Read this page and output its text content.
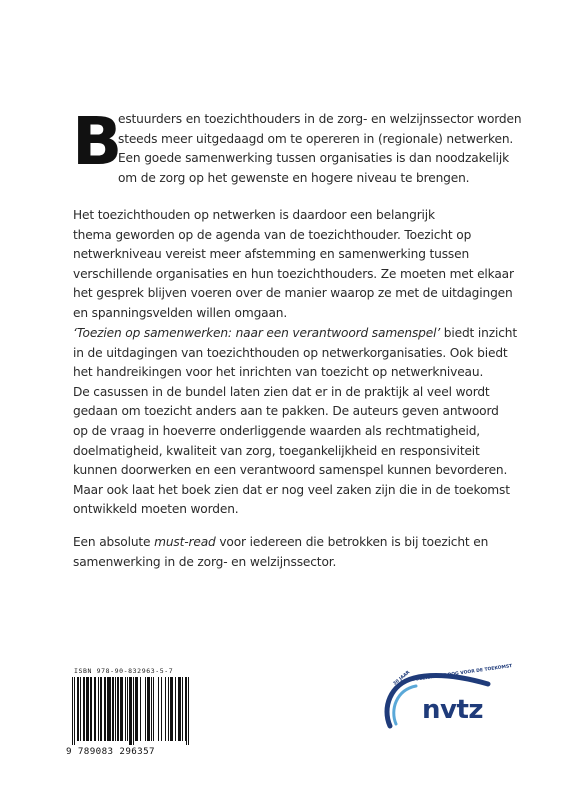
B
estuurders en toezichthouders in de zorg- en welzijnssector worden
steeds meer uitgedaagd om te opereren in (regionale) netwerken.
Een goede samenwerking tussen organisaties is dan noodzakelijk
om de zorg op het gewenste en hogere niveau te brengen.
Het toezichthouden op netwerken is daardoor een belangrijk
thema geworden op de agenda van de toezichthouder. Toezicht op
netwerkniveau vereist meer afstemming en samenwerking tussen
verschillende organisaties en hun toezichthouders. Ze moeten met elkaar
het gesprek blijven voeren over de manier waarop ze met de uitdagingen
en spanningsvelden willen omgaan.
‘Toezien op samenwerken: naar een verantwoord samenspel’ biedt inzicht
in de uitdagingen van toezichthouden op netwerkorganisaties. Ook biedt
het handreikingen voor het inrichten van toezicht op netwerkniveau.
De casussen in de bundel laten zien dat er in de praktijk al veel wordt
gedaan om toezicht anders aan te pakken. De auteurs geven antwoord
op de vraag in hoeverre onderliggende waarden als rechtmatigheid,
doelmatigheid, kwaliteit van zorg, toegankelijkheid en responsiviteit
kunnen doorwerken en een verantwoord samenspel kunnen bevorderen.
Maar ook laat het boek zien dat er nog veel zaken zijn die in de toekomst
ontwikkeld moeten worden.
Een absolute must-read voor iedereen die betrokken is bij toezicht en
samenwerking in de zorg- en welzijnssector.
ISBN 978-90-832963-5-7
9 789083 296357
30 JAAR TOEZIEN MET OOG VOOR DE TOEKOMST
nvtz
